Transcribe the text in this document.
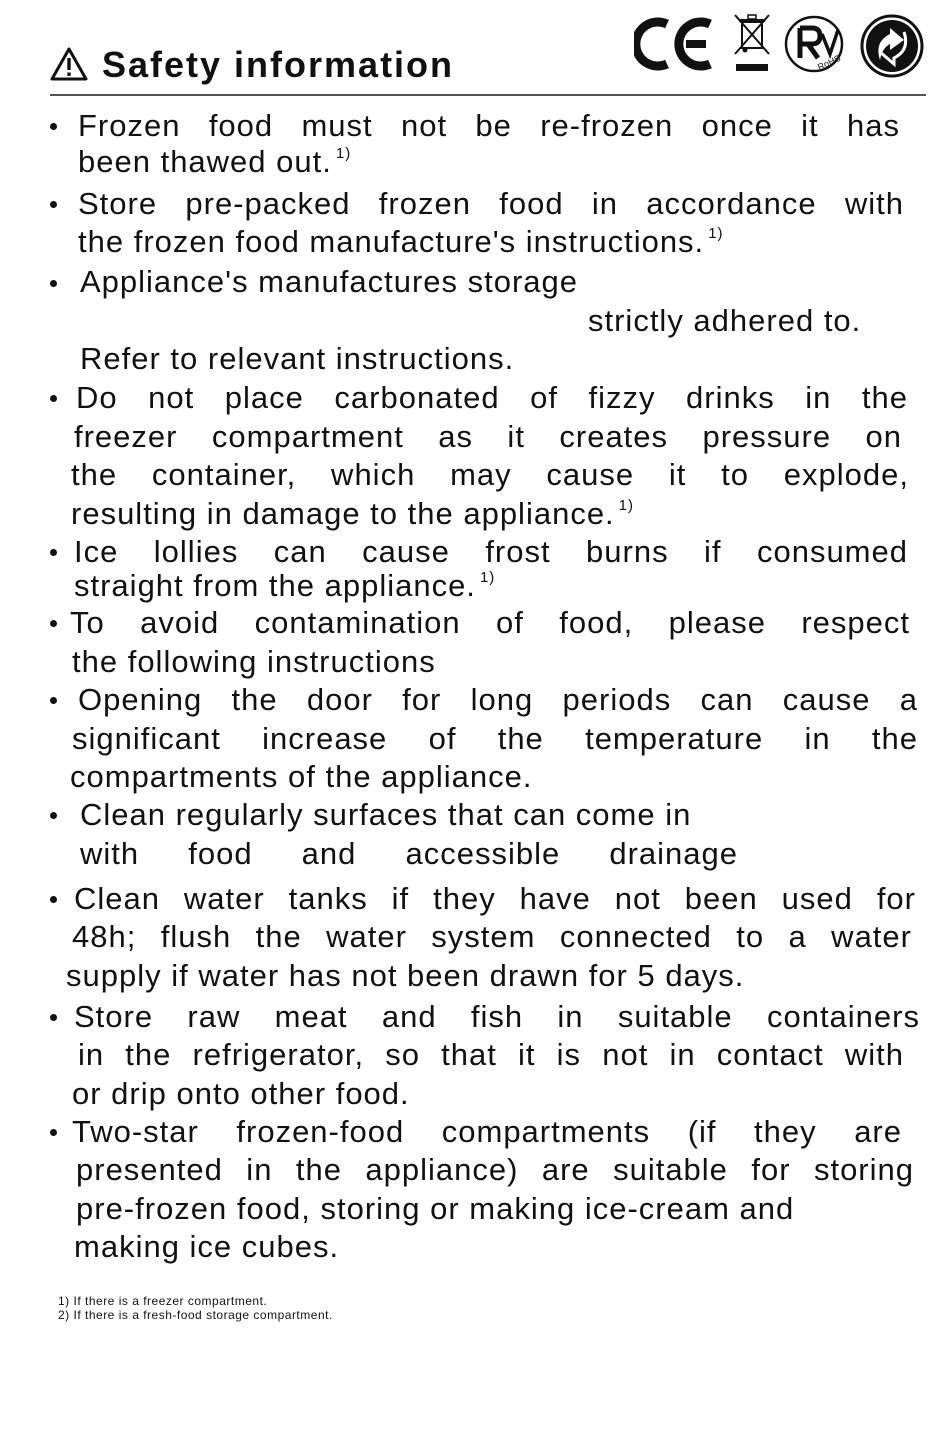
Safety information	RoHS
Frozen food must not be re-frozen once it has
been thawed out. $^{1)}$
Store pre-packed frozen food in accordance with
the frozen food manufacture's instructions. $^{1)}$
Appliance's manufactures storage
strictly adhered to.
Refer to relevant instructions.
Do not place carbonated of fizzy drinks in the
freezer compartment as it creates pressure on
the container, which may cause it to explode,
resulting in damage to the appliance. $^{1)}$
Ice lollies can cause frost burns if consumed
straight from the appliance. $^{1)}$
To avoid contamination of food, please respect
the following instructions
Opening the door for long periods can cause a
significant increase of the temperature in the
compartments of the appliance.
Clean regularly surfaces that can come in
with food and accessible drainage
Clean water tanks if they have not been used for
48h; flush the water system connected to a water
supply if water has not been drawn for 5 days.
Store raw meat and fish in suitable containers
in the refrigerator, so that it is not in contact with
or drip onto other food.
Two-star frozen-food compartments (if they are
presented in the appliance) are suitable for storing
pre-frozen food, storing or making ice-cream and
making ice cubes.
1) If there is a freezer compartment.
2) If there is a fresh-food storage compartment.
